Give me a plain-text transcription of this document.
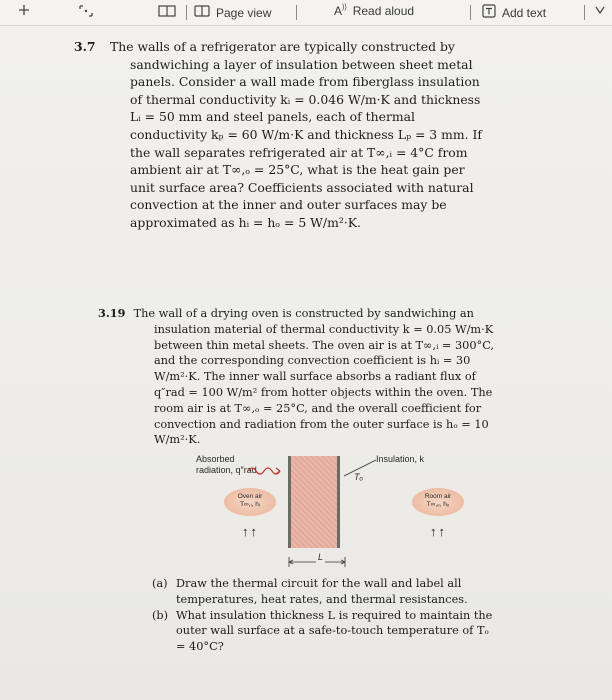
Page view	A)) Read aloud	Add text
3.7 The walls of a refrigerator are typically constructed by sandwiching a layer of insulation between sheet metal panels. Consider a wall made from fiberglass insulation of thermal conductivity kᵢ = 0.046 W/m·K and thickness Lᵢ = 50 mm and steel panels, each of thermal conductivity kₚ = 60 W/m·K and thickness Lₚ = 3 mm. If the wall separates refrigerated air at T∞,ᵢ = 4°C from ambient air at T∞,ₒ = 25°C, what is the heat gain per unit surface area? Coefficients associated with natural convection at the inner and outer surfaces may be approximated as hᵢ = hₒ = 5 W/m²·K.
3.19 The wall of a drying oven is constructed by sandwiching an insulation material of thermal conductivity k = 0.05 W/m·K between thin metal sheets. The oven air is at T∞,ᵢ = 300°C, and the corresponding convection coefficient is hᵢ = 30 W/m²·K. The inner wall surface absorbs a radiant flux of q″rad = 100 W/m² from hotter objects within the oven. The room air is at T∞,ₒ = 25°C, and the overall coefficient for convection and radiation from the outer surface is hₒ = 10 W/m²·K.
Absorbed
radiation, q″rad
Insulation, k
Tₒ
Oven air
T∞,ᵢ, hᵢ
Room air
T∞,ₒ, hₒ
↑↑	↑↑
L
(a) Draw the thermal circuit for the wall and label all temperatures, heat rates, and thermal resistances.
(b) What insulation thickness L is required to maintain the outer wall surface at a safe-to-touch temperature of Tₒ = 40°C?
